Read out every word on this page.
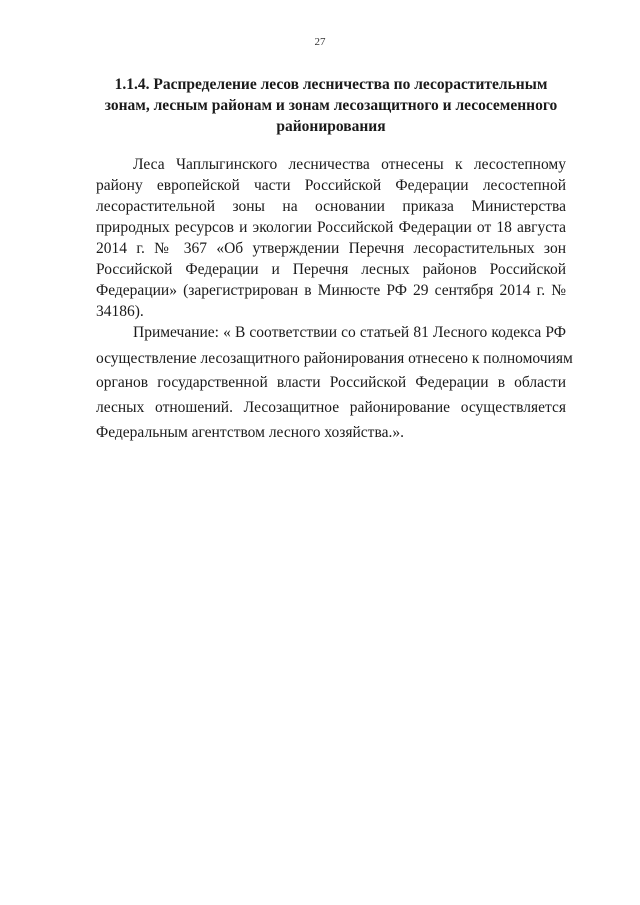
27
1.1.4. Распределение лесов лесничества по лесорастительным
зонам, лесным районам и зонам лесозащитного и лесосеменного
районирования
Леса Чаплыгинского лесничества отнесены к лесостепному
району европейской части Российской Федерации лесостепной
лесорастительной зоны на основании приказа Министерства
природных ресурсов и экологии Российской Федерации от 18 августа
2014 г. № 367 «Об утверждении Перечня лесорастительных зон
Российской Федерации и Перечня лесных районов Российской
Федерации» (зарегистрирован в Минюсте РФ 29 сентября 2014 г. №
34186).
Примечание: « В соответствии со статьей 81 Лесного кодекса РФ
осуществление лесозащитного районирования отнесено к полномочиям
органов государственной власти Российской Федерации в области
лесных отношений. Лесозащитное районирование осуществляется
Федеральным агентством лесного хозяйства.».
